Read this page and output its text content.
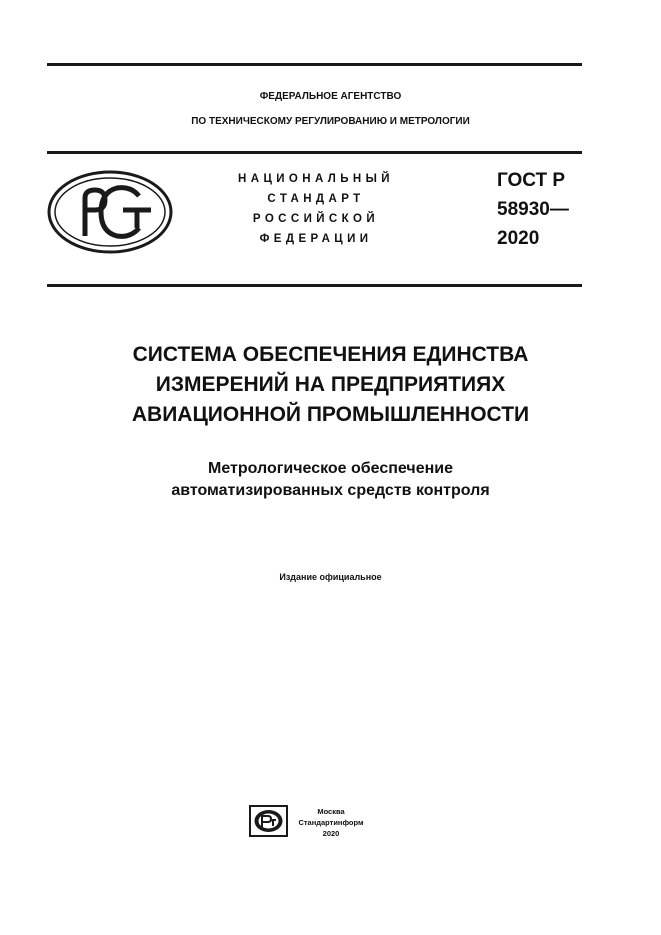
ФЕДЕРАЛЬНОЕ АГЕНТСТВО
ПО ТЕХНИЧЕСКОМУ РЕГУЛИРОВАНИЮ И МЕТРОЛОГИИ
НАЦИОНАЛЬНЫЙ
СТАНДАРТ
РОССИЙСКОЙ
ФЕДЕРАЦИИ
ГОСТ Р
58930—
2020
СИСТЕМА ОБЕСПЕЧЕНИЯ ЕДИНСТВА
ИЗМЕРЕНИЙ НА ПРЕДПРИЯТИЯХ
АВИАЦИОННОЙ ПРОМЫШЛЕННОСТИ
Метрологическое обеспечение
автоматизированных средств контроля
Издание официальное
Москва
Стандартинформ
2020
